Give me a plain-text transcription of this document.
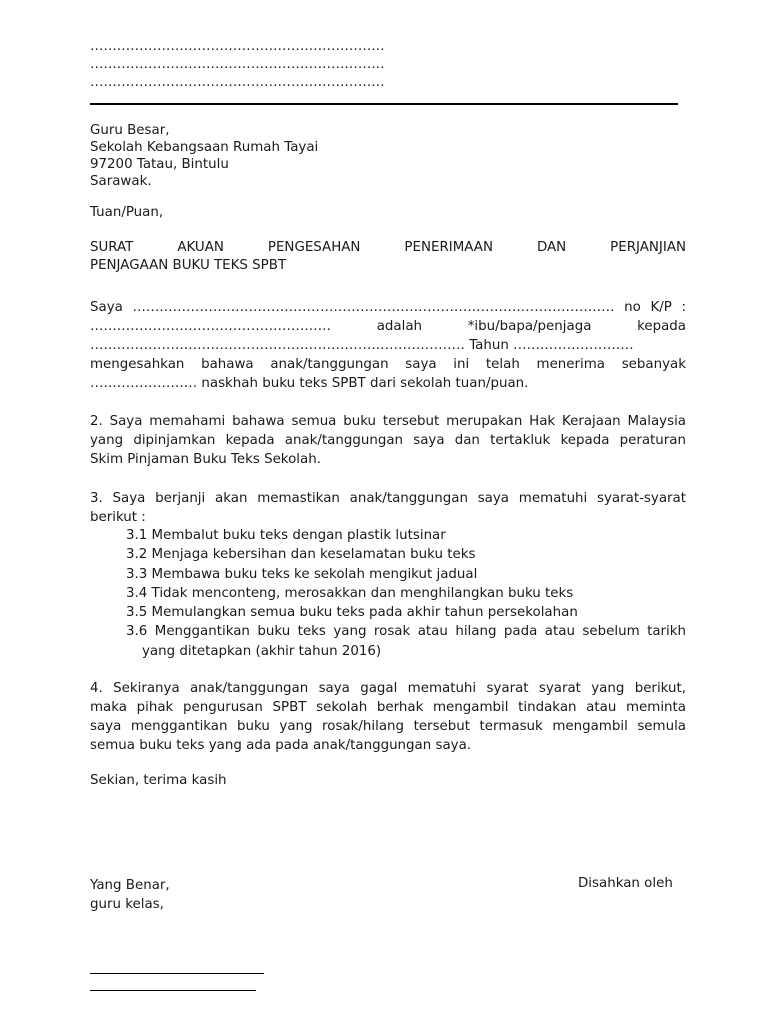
…………………………………………………………
…………………………………………………………
…………………………………………………………
Guru Besar,
Sekolah Kebangsaan Rumah Tayai
97200 Tatau, Bintulu
Sarawak.
Tuan/Puan,
SURAT AKUAN PENGESAHAN PENERIMAAN DAN PERJANJIAN
PENJAGAAN BUKU TEKS SPBT
Saya ……………………………………………………………………………………………… no K/P :
……………………………………………… adalah *ibu/bapa/penjaga kepada
………………………………………………………………………… Tahun ………………………
mengesahkan bahawa anak/tanggungan saya ini telah menerima sebanyak
…………………… naskhah buku teks SPBT dari sekolah tuan/puan.
2. Saya memahami bahawa semua buku tersebut merupakan Hak Kerajaan Malaysia
yang dipinjamkan kepada anak/tanggungan saya dan tertakluk kepada peraturan
Skim Pinjaman Buku Teks Sekolah.
3. Saya berjanji akan memastikan anak/tanggungan saya mematuhi syarat-syarat
berikut :
3.1 Membalut buku teks dengan plastik lutsinar
3.2 Menjaga kebersihan dan keselamatan buku teks
3.3 Membawa buku teks ke sekolah mengikut jadual
3.4 Tidak menconteng, merosakkan dan menghilangkan buku teks
3.5 Memulangkan semua buku teks pada akhir tahun persekolahan
3.6 Menggantikan buku teks yang rosak atau hilang pada atau sebelum tarikh
yang ditetapkan (akhir tahun 2016)
4. Sekiranya anak/tanggungan saya gagal mematuhi syarat syarat yang berikut,
maka pihak pengurusan SPBT sekolah berhak mengambil tindakan atau meminta
saya menggantikan buku yang rosak/hilang tersebut termasuk mengambil semula
semua buku teks yang ada pada anak/tanggungan saya.
Sekian, terima kasih
Yang Benar,
guru kelas,
Disahkan oleh
